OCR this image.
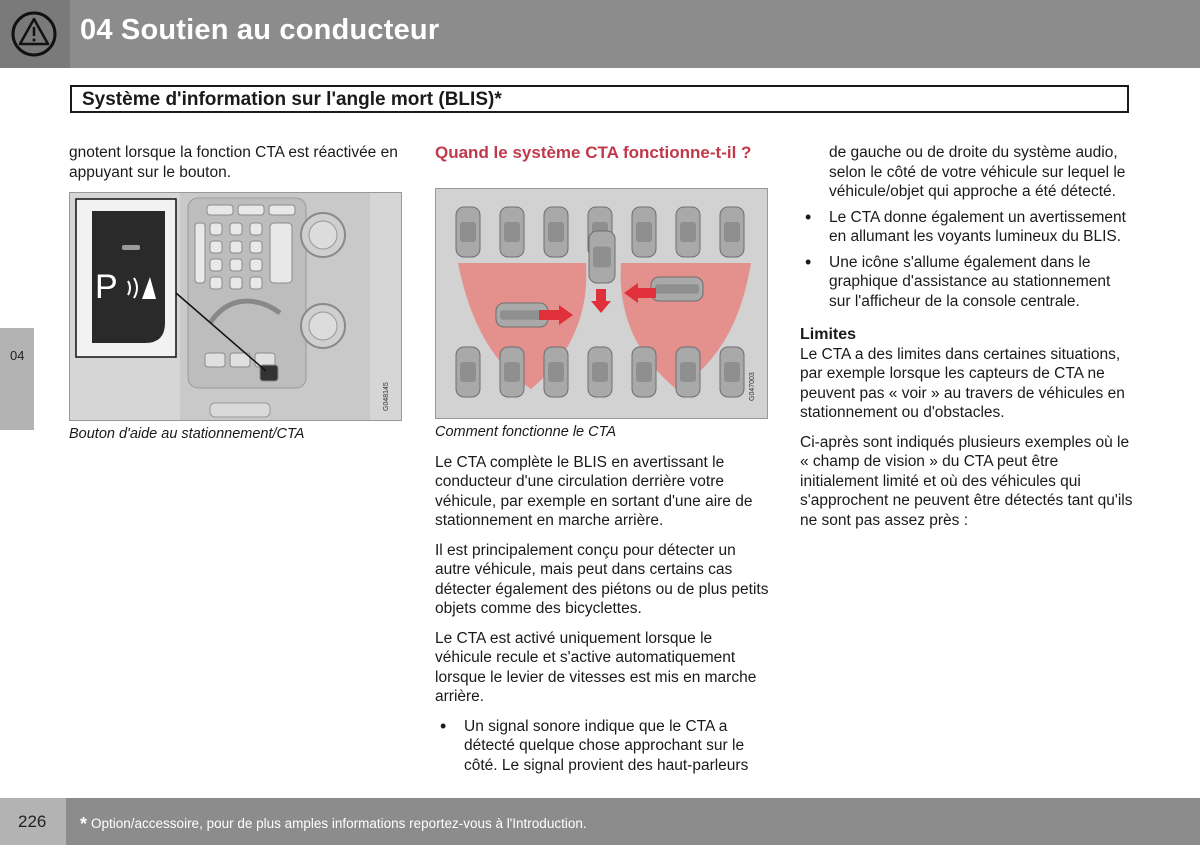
04 Soutien au conducteur
Système d'information sur l'angle mort (BLIS)*
04

gnotent lorsque la fonction CTA est réactivée en appuyant sur le bouton.

P
G048145
Bouton d'aide au stationnement/CTA
Quand le système CTA fonctionne-t-il ?
G047003

Comment fonctionne le CTA

Le CTA complète le BLIS en avertissant le conducteur d'une circulation derrière votre véhicule, par exemple en sortant d'une aire de stationnement en marche arrière.

Il est principalement conçu pour détecter un autre véhicule, mais peut dans certains cas détecter également des piétons ou de plus petits objets comme des bicyclettes.

Le CTA est activé uniquement lorsque le véhicule recule et s'active automatiquement lorsque le levier de vitesses est mis en marche arrière.

• Un signal sonore indique que le CTA a détecté quelque chose approchant sur le côté. Le signal provient des haut-parleurs

de gauche ou de droite du système audio, selon le côté de votre véhicule sur lequel le véhicule/objet qui approche a été détecté.

• Le CTA donne également un avertissement en allumant les voyants lumineux du BLIS.
• Une icône s'allume également dans le graphique d'assistance au stationnement sur l'afficheur de la console centrale.
Limites

Le CTA a des limites dans certaines situations, par exemple lorsque les capteurs de CTA ne peuvent pas « voir » au travers de véhicules en stationnement ou d'obstacles.

Ci-après sont indiqués plusieurs exemples où le « champ de vision » du CTA peut être initialement limité et où des véhicules qui s'approchent ne peuvent être détectés tant qu'ils ne sont pas assez près :

226 * Option/accessoire, pour de plus amples informations reportez-vous à l'Introduction.
